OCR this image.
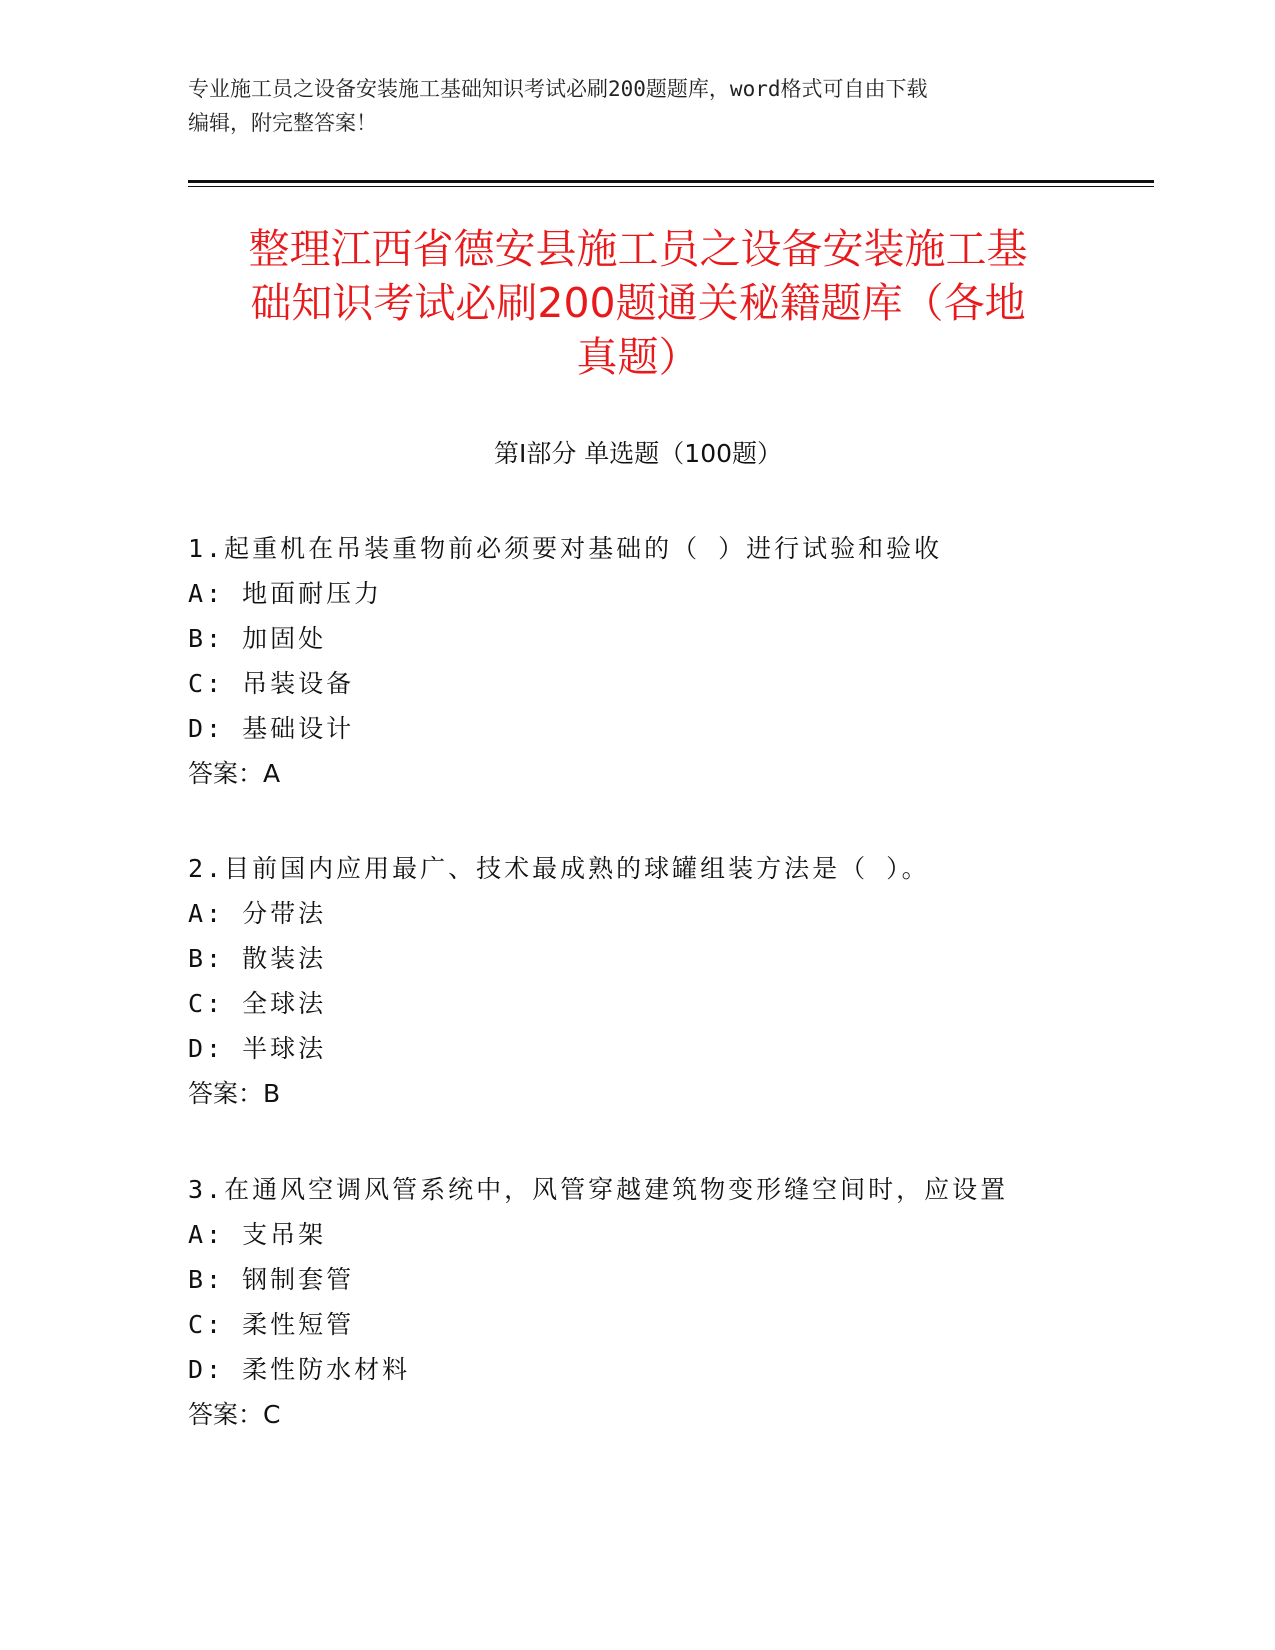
专业施工员之设备安装施工基础知识考试必刷200题题库，word格式可自由下载
编辑，附完整答案！
整理江西省德安县施工员之设备安装施工基
础知识考试必刷200题通关秘籍题库（各地
真题）
第Ⅰ部分 单选题（100题）
1.起重机在吊装重物前必须要对基础的（ ）进行试验和验收
A: 地面耐压力
B: 加固处
C: 吊装设备
D: 基础设计
答案：A
2.目前国内应用最广、技术最成熟的球罐组装方法是（ ）。
A: 分带法
B: 散装法
C: 全球法
D: 半球法
答案：B
3.在通风空调风管系统中，风管穿越建筑物变形缝空间时，应设置
A: 支吊架
B: 钢制套管
C: 柔性短管
D: 柔性防水材料
答案：C
